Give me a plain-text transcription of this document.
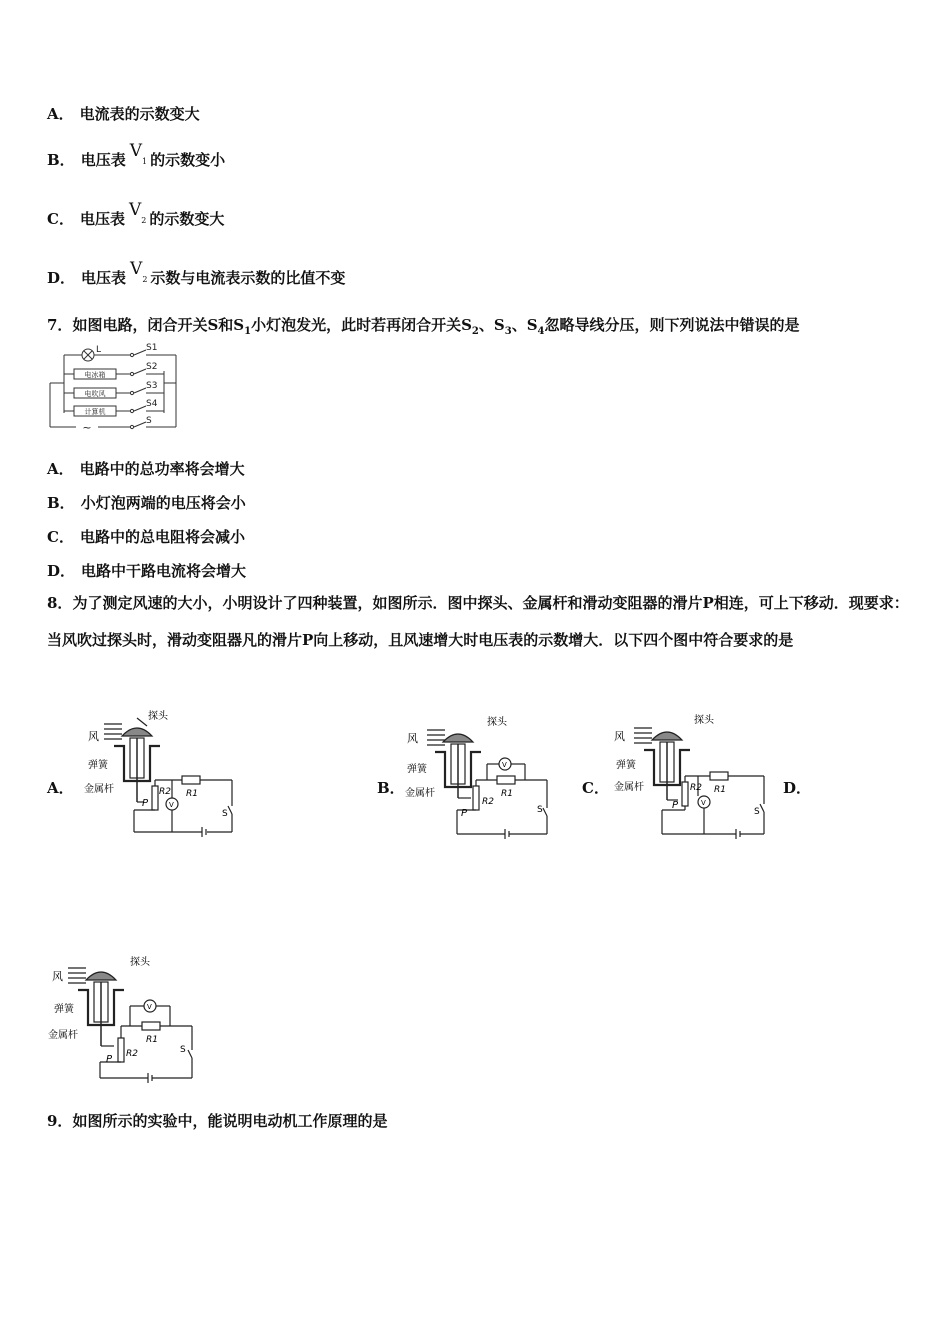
A． 电流表的示数变大
B． 电压表 $V_1$ 的示数变小
C． 电压表 $V_2$ 的示数变大
D． 电压表 $V_2$ 示数与电流表示数的比值不变
7．如图电路，闭合开关S和$S_1$小灯泡发光，此时若再闭合开关$S_2$、$S_3$、$S_4$忽略导线分压，则下列说法中错误的是
L
电冰箱
电吹风
计算机
~
S1
S2
S3
S4
S
A． 电路中的总功率将会增大
B． 小灯泡两端的电压将会小
C． 电路中的总电阻将会减小
D． 电路中干路电流将会增大
8．为了测定风速的大小，小明设计了四种装置，如图所示．图中探头、金属杆和滑动变阻器的滑片P相连，可上下移动．现要求：当风吹过探头时，滑动变阻器凡的滑片P向上移动，且风速增大时电压表的示数增大．以下四个图中符合要求的是
A．	B．	C．	D．
风
探头
弹簧
金属杆
P
R2 R1
V
S
风
探头
弹簧
金属杆
P
R2
R1
V
S
风
探头
弹簧
金属杆
P
R2 R1
V
S
风
探头
弹簧
金属杆
P R2
R1
V
S
9．如图所示的实验中，能说明电动机工作原理的是
